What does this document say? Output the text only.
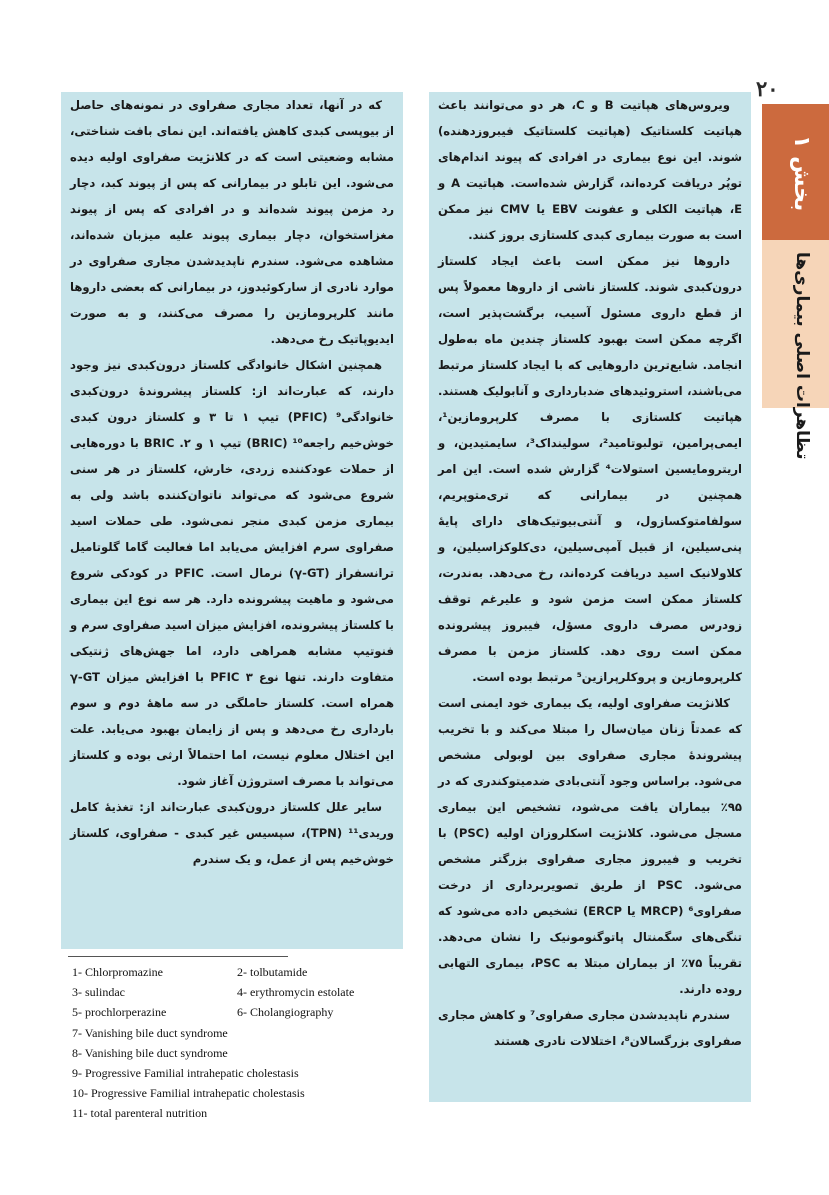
۲۰
بخش ۱
تظاهرات اصلی بیماری‌ها

ویروس‌های هپاتیت B و C، هر دو می‌توانند باعث هپاتیت کلستاتیک (هپاتیت کلستاتیک فیبروزدهنده) شوند. این نوع بیماری در افرادی که پیوند اندام‌های توپُر دریافت کرده‌اند، گزارش شده‌است. هپاتیت A و E، هپاتیت الکلی و عفونت EBV یا CMV نیز ممکن است به صورت بیماری کبدی کلستازی بروز کنند.

داروها نیز ممکن است باعث ایجاد کلستاز درون‌کبدی شوند. کلستاز ناشی از داروها معمولاً پس از قطع داروی مسئول آسیب، برگشت‌پذیر است، اگرچه ممکن است بهبود کلستاز چندین ماه به‌طول انجامد. شایع‌ترین داروهایی که با ایجاد کلستاز مرتبط می‌باشند، استروئیدهای ضدبارداری و آنابولیک هستند. هپاتیت کلستازی با مصرف کلرپرومازین¹، ایمی‌پرامین، تولبوتامید²، سولینداک³، سایمتیدین، و اریترومایسین استولات⁴ گزارش شده است. این امر همچنین در بیمارانی که تری‌متوپریم، سولفامتوکسازول، و آنتی‌بیوتیک‌های دارای پایهٔ پنی‌سیلین، از قبیل آمپی‌سیلین، دی‌کلوکزاسیلین، و کلاولانیک اسید دریافت کرده‌اند، رخ می‌دهد. به‌ندرت، کلستاز ممکن است مزمن شود و علیرغم توقف زودرس مصرف داروی مسؤل، فیبروز پیشرونده ممکن است روی دهد. کلستاز مزمن با مصرف کلرپرومازین و پروکلرپرازین⁵ مرتبط بوده است.

کلانژیت صفراوی اولیه، یک بیماری خود ایمنی است که عمدتاً زنان میان‌سال را مبتلا می‌کند و با تخریب پیشروندهٔ مجاری صفراوی بین لوبولی مشخص می‌شود. براساس وجود آنتی‌بادی ضدمیتوکندری که در ۹۵٪ بیماران یافت می‌شود، تشخیص این بیماری مسجل می‌شود. کلانژیت اسکلروزان اولیه (PSC) با تخریب و فیبروز مجاری صفراوی بزرگتر مشخص می‌شود. PSC از طریق تصویربرداری از درخت صفراوی⁶ (MRCP یا ERCP) تشخیص داده می‌شود که تنگی‌های سگمنتال پاتوگنومونیک را نشان می‌دهد. تقریباً ۷۵٪ از بیماران مبتلا به PSC، بیماری التهابی روده دارند.

سندرم ناپدیدشدن مجاری صفراوی⁷ و کاهش مجاری صفراوی بزرگسالان⁸، اختلالات نادری هستند

که در آنها، تعداد مجاری صفراوی در نمونه‌های حاصل از بیوپسی کبدی کاهش یافته‌اند. این نمای بافت شناختی، مشابه وضعیتی است که در کلانژیت صفراوی اولیه دیده می‌شود. این تابلو در بیمارانی که پس از پیوند کبد، دچار رد مزمن پیوند شده‌اند و در افرادی که پس از پیوند مغزاستخوان، دچار بیماری پیوند علیه میزبان شده‌اند، مشاهده می‌شود. سندرم ناپدیدشدن مجاری صفراوی در موارد نادری از سارکوئیدوز، در بیمارانی که بعضی داروها مانند کلرپرومازین را مصرف می‌کنند، و به صورت ایدیوپاتیک رخ می‌دهد.

همچنین اشکال خانوادگی کلستاز درون‌کبدی نیز وجود دارند، که عبارت‌اند از: کلستاز پیشروندهٔ درون‌کبدی خانوادگی⁹ (PFIC) تیپ ۱ تا ۳ و کلستاز درون کبدی خوش‌خیم راجعه¹⁰ (BRIC) تیپ ۱ و ۲. BRIC با دوره‌هایی از حملات عودکننده زردی، خارش، کلستاز در هر سنی شروع می‌شود که می‌تواند ناتوان‌کننده باشد ولی به بیماری مزمن کبدی منجر نمی‌شود. طی حملات اسید صفراوی سرم افزایش می‌یابد اما فعالیت گاما گلوتامیل ترانسفراز (γ-GT) نرمال است. PFIC در کودکی شروع می‌شود و ماهیت پیشرونده دارد. هر سه نوع این بیماری با کلستاز پیشرونده، افزایش میزان اسید صفراوی سرم و فنوتیپ مشابه همراهی دارد، اما جهش‌های ژنتیکی متفاوت دارند. تنها نوع ۳ PFIC با افزایش میزان γ-GT همراه است. کلستاز حاملگی در سه ماههٔ دوم و سوم بارداری رخ می‌دهد و پس از زایمان بهبود می‌یابد. علت این اختلال معلوم نیست، اما احتمالاً ارثی بوده و کلستاز می‌تواند با مصرف استروژن آغاز شود.

سایر علل کلستاز درون‌کبدی عبارت‌اند از: تغذیهٔ کامل وریدی¹¹ (TPN)، سپسیس غیر کبدی - صفراوی، کلستاز خوش‌خیم پس از عمل، و یک سندرم

1- Chlorpromazine	2- tolbutamide
3- sulindac	4- erythromycin estolate
5- prochlorperazine	6- Cholangiography
7- Vanishing bile duct syndrome
8- Vanishing bile duct syndrome
9- Progressive Familial intrahepatic cholestasis
10- Progressive Familial intrahepatic cholestasis
11- total parenteral nutrition
